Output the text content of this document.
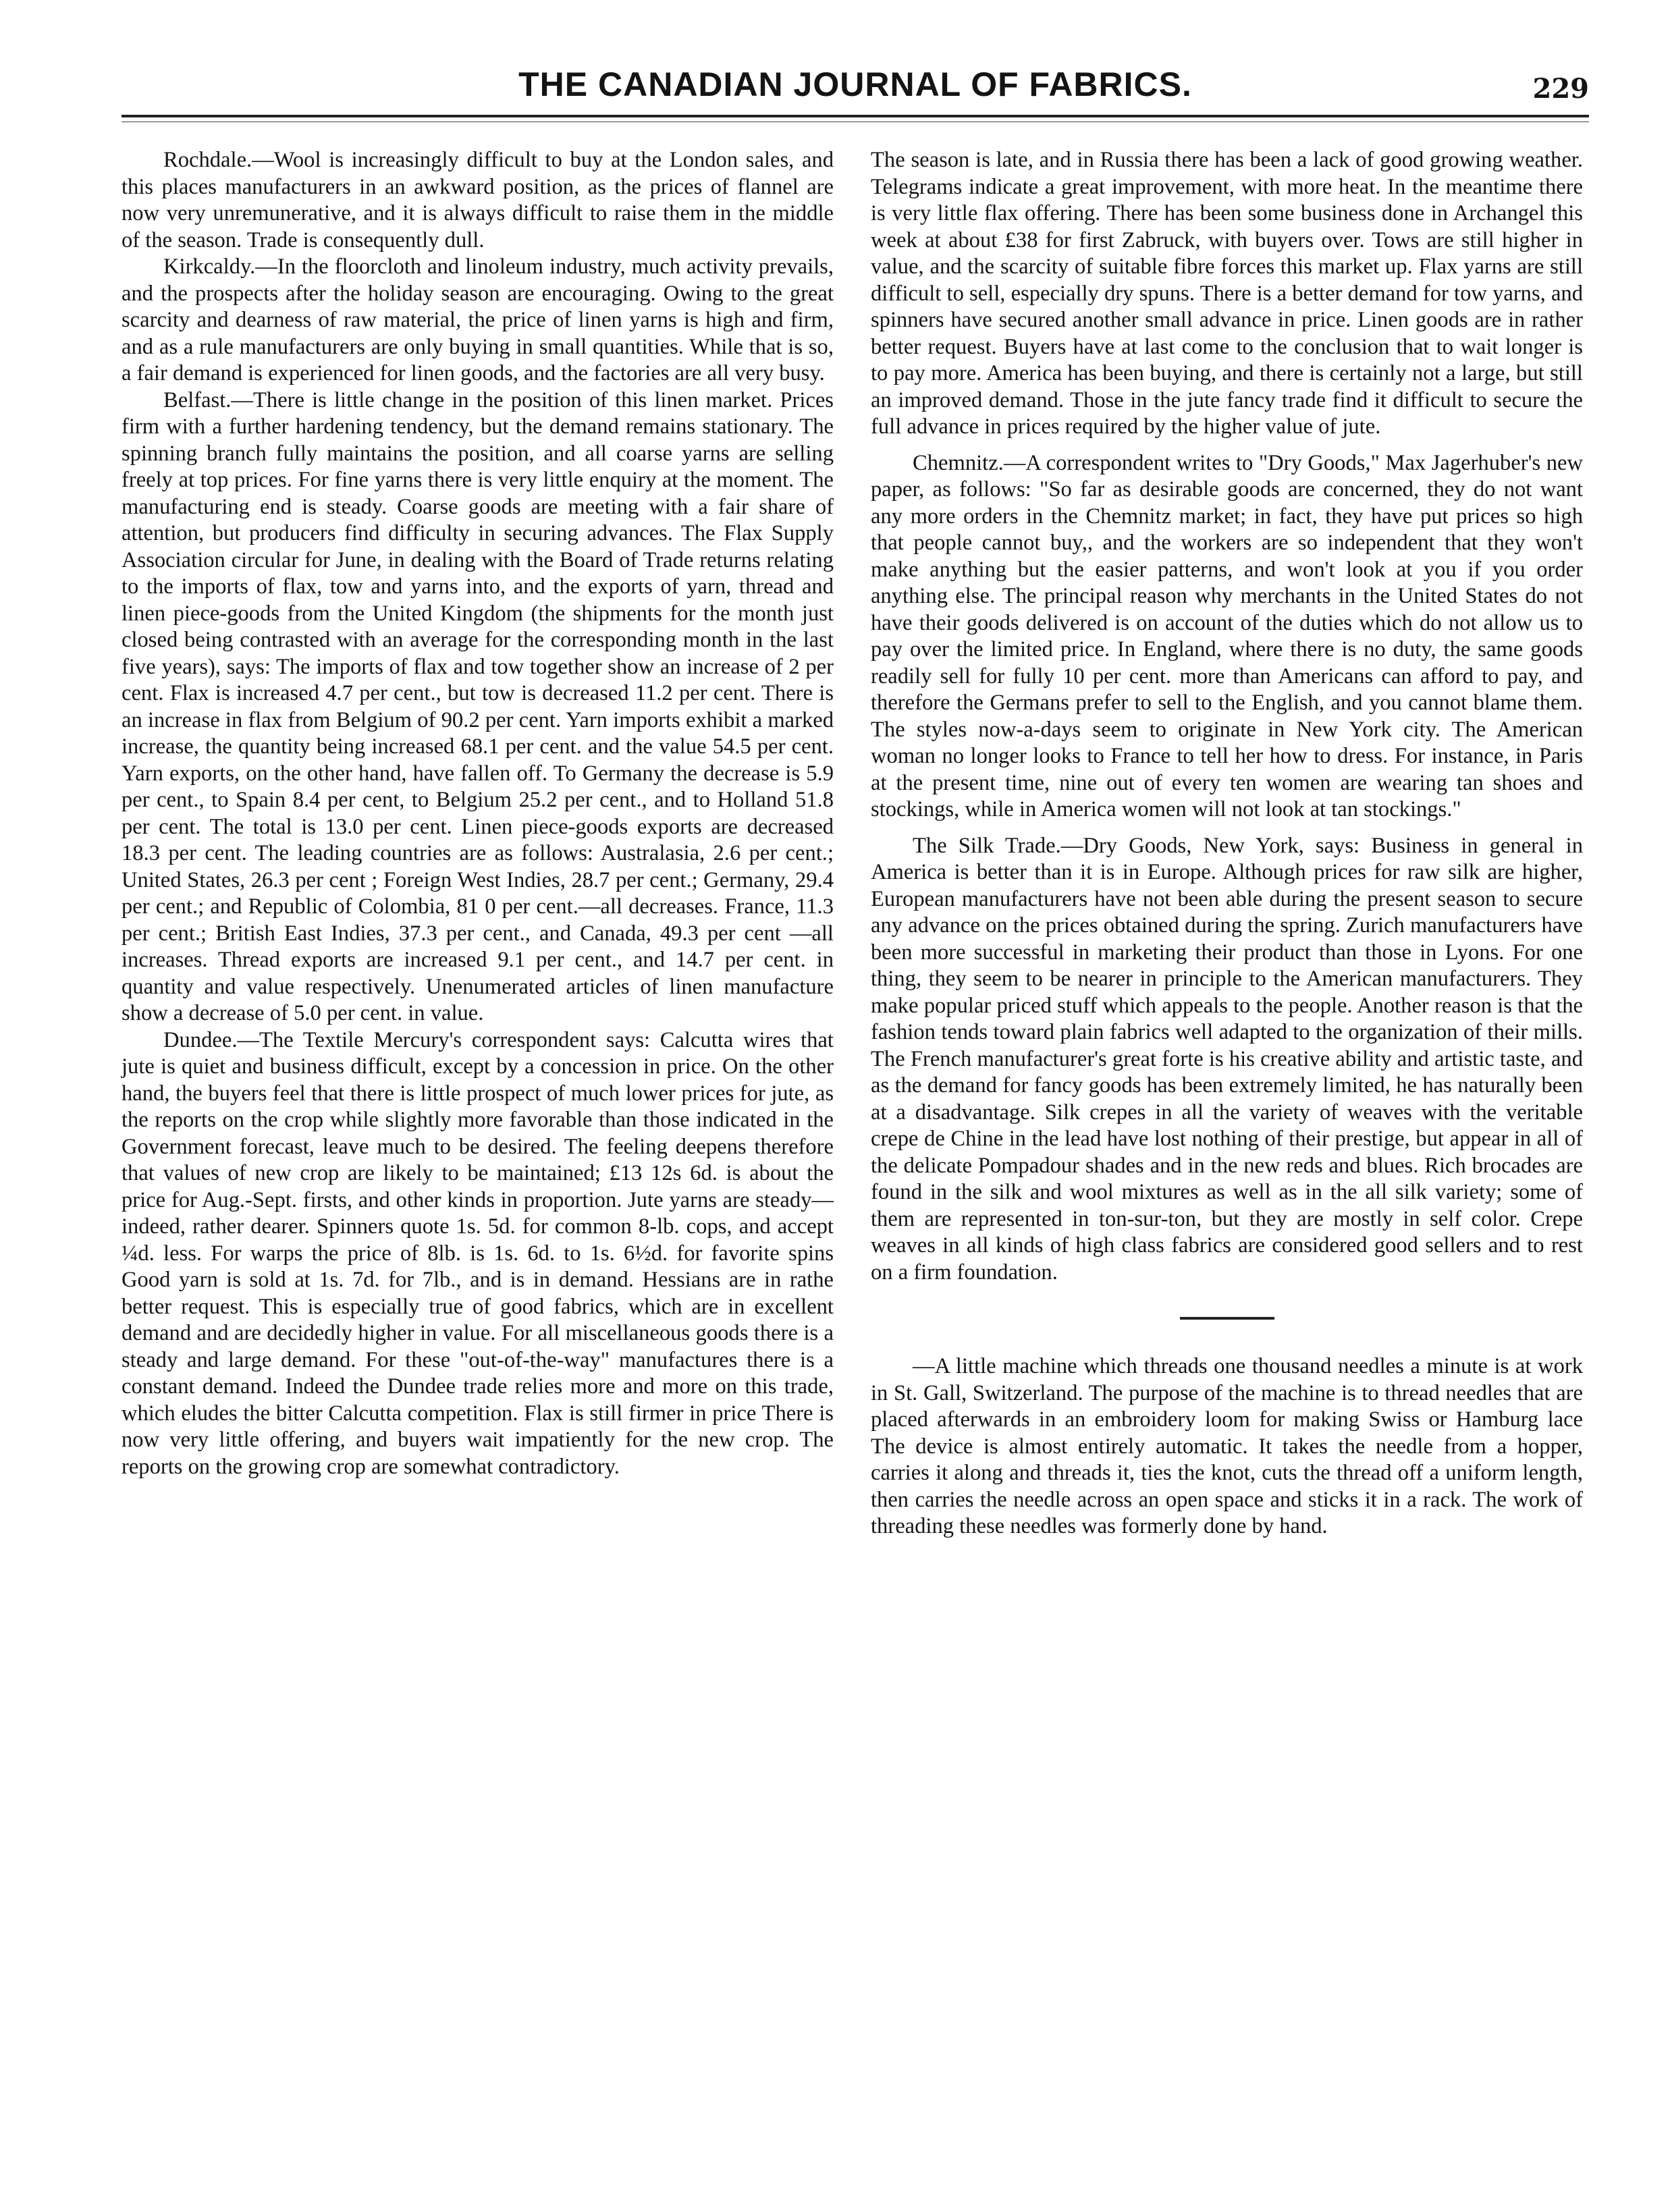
THE CANADIAN JOURNAL OF FABRICS.	229

Rochdale.—Wool is increasingly difficult to buy at the London sales, and this places manufacturers in an awkward position, as the prices of flannel are now very unremunerative, and it is always difficult to raise them in the middle of the season. Trade is consequently dull.

Kirkcaldy.—In the floorcloth and linoleum industry, much activity prevails, and the prospects after the holiday season are encouraging. Owing to the great scarcity and dearness of raw material, the price of linen yarns is high and firm, and as a rule manufacturers are only buying in small quantities. While that is so, a fair demand is experienced for linen goods, and the factories are all very busy.

Belfast.—There is little change in the position of this linen market. Prices firm with a further hardening tendency, but the demand remains stationary. The spinning branch fully maintains the position, and all coarse yarns are selling freely at top prices. For fine yarns there is very little enquiry at the moment. The manufacturing end is steady. Coarse goods are meeting with a fair share of attention, but producers find difficulty in securing advances. The Flax Supply Association circular for June, in dealing with the Board of Trade returns relating to the imports of flax, tow and yarns into, and the exports of yarn, thread and linen piece-goods from the United Kingdom (the shipments for the month just closed being contrasted with an average for the corresponding month in the last five years), says: The imports of flax and tow together show an increase of 2 per cent. Flax is increased 4.7 per cent., but tow is decreased 11.2 per cent. There is an increase in flax from Belgium of 90.2 per cent. Yarn imports exhibit a marked increase, the quantity being increased 68.1 per cent. and the value 54.5 per cent. Yarn exports, on the other hand, have fallen off. To Germany the decrease is 5.9 per cent., to Spain 8.4 per cent, to Belgium 25.2 per cent., and to Holland 51.8 per cent. The total is 13.0 per cent. Linen piece-goods exports are decreased 18.3 per cent. The leading countries are as follows: Australasia, 2.6 per cent.; United States, 26.3 per cent ; Foreign West Indies, 28.7 per cent.; Germany, 29.4 per cent.; and Republic of Colombia, 81 0 per cent.—all decreases. France, 11.3 per cent.; British East Indies, 37.3 per cent., and Canada, 49.3 per cent —all increases. Thread exports are increased 9.1 per cent., and 14.7 per cent. in quantity and value respectively. Unenumerated articles of linen manufacture show a decrease of 5.0 per cent. in value.

Dundee.—The Textile Mercury's correspondent says: Calcutta wires that jute is quiet and business difficult, except by a concession in price. On the other hand, the buyers feel that there is little prospect of much lower prices for jute, as the reports on the crop while slightly more favorable than those indicated in the Government forecast, leave much to be desired. The feeling deepens therefore that values of new crop are likely to be maintained; £13 12s 6d. is about the price for Aug.-Sept. firsts, and other kinds in proportion. Jute yarns are steady—indeed, rather dearer. Spinners quote 1s. 5d. for common 8-lb. cops, and accept ¼d. less. For warps the price of 8lb. is 1s. 6d. to 1s. 6½d. for favorite spins Good yarn is sold at 1s. 7d. for 7lb., and is in demand. Hessians are in rathe better request. This is especially true of good fabrics, which are in excellent demand and are decidedly higher in value. For all miscellaneous goods there is a steady and large demand. For these "out-of-the-way" manufactures there is a constant demand. Indeed the Dundee trade relies more and more on this trade, which eludes the bitter Calcutta competition. Flax is still firmer in price There is now very little offering, and buyers wait impatiently for the new crop. The reports on the growing crop are somewhat contradictory.

The season is late, and in Russia there has been a lack of good growing weather. Telegrams indicate a great improvement, with more heat. In the meantime there is very little flax offering. There has been some business done in Archangel this week at about £38 for first Zabruck, with buyers over. Tows are still higher in value, and the scarcity of suitable fibre forces this market up. Flax yarns are still difficult to sell, especially dry spuns. There is a better demand for tow yarns, and spinners have secured another small advance in price. Linen goods are in rather better request. Buyers have at last come to the conclusion that to wait longer is to pay more. America has been buying, and there is certainly not a large, but still an improved demand. Those in the jute fancy trade find it difficult to secure the full advance in prices required by the higher value of jute.

Chemnitz.—A correspondent writes to "Dry Goods," Max Jagerhuber's new paper, as follows: "So far as desirable goods are concerned, they do not want any more orders in the Chemnitz market; in fact, they have put prices so high that people cannot buy,, and the workers are so independent that they won't make anything but the easier patterns, and won't look at you if you order anything else. The principal reason why merchants in the United States do not have their goods delivered is on account of the duties which do not allow us to pay over the limited price. In England, where there is no duty, the same goods readily sell for fully 10 per cent. more than Americans can afford to pay, and therefore the Germans prefer to sell to the English, and you cannot blame them. The styles now-a-days seem to originate in New York city. The American woman no longer looks to France to tell her how to dress. For instance, in Paris at the present time, nine out of every ten women are wearing tan shoes and stockings, while in America women will not look at tan stockings."

The Silk Trade.—Dry Goods, New York, says: Business in general in America is better than it is in Europe. Although prices for raw silk are higher, European manufacturers have not been able during the present season to secure any advance on the prices obtained during the spring. Zurich manufacturers have been more successful in marketing their product than those in Lyons. For one thing, they seem to be nearer in principle to the American manufacturers. They make popular priced stuff which appeals to the people. Another reason is that the fashion tends toward plain fabrics well adapted to the organization of their mills. The French manufacturer's great forte is his creative ability and artistic taste, and as the demand for fancy goods has been extremely limited, he has naturally been at a disadvantage. Silk crepes in all the variety of weaves with the veritable crepe de Chine in the lead have lost nothing of their prestige, but appear in all of the delicate Pompadour shades and in the new reds and blues. Rich brocades are found in the silk and wool mixtures as well as in the all silk variety; some of them are represented in ton-sur-ton, but they are mostly in self color. Crepe weaves in all kinds of high class fabrics are considered good sellers and to rest on a firm foundation.

—A little machine which threads one thousand needles a minute is at work in St. Gall, Switzerland. The purpose of the machine is to thread needles that are placed afterwards in an embroidery loom for making Swiss or Hamburg lace The device is almost entirely automatic. It takes the needle from a hopper, carries it along and threads it, ties the knot, cuts the thread off a uniform length, then carries the needle across an open space and sticks it in a rack. The work of threading these needles was formerly done by hand.
